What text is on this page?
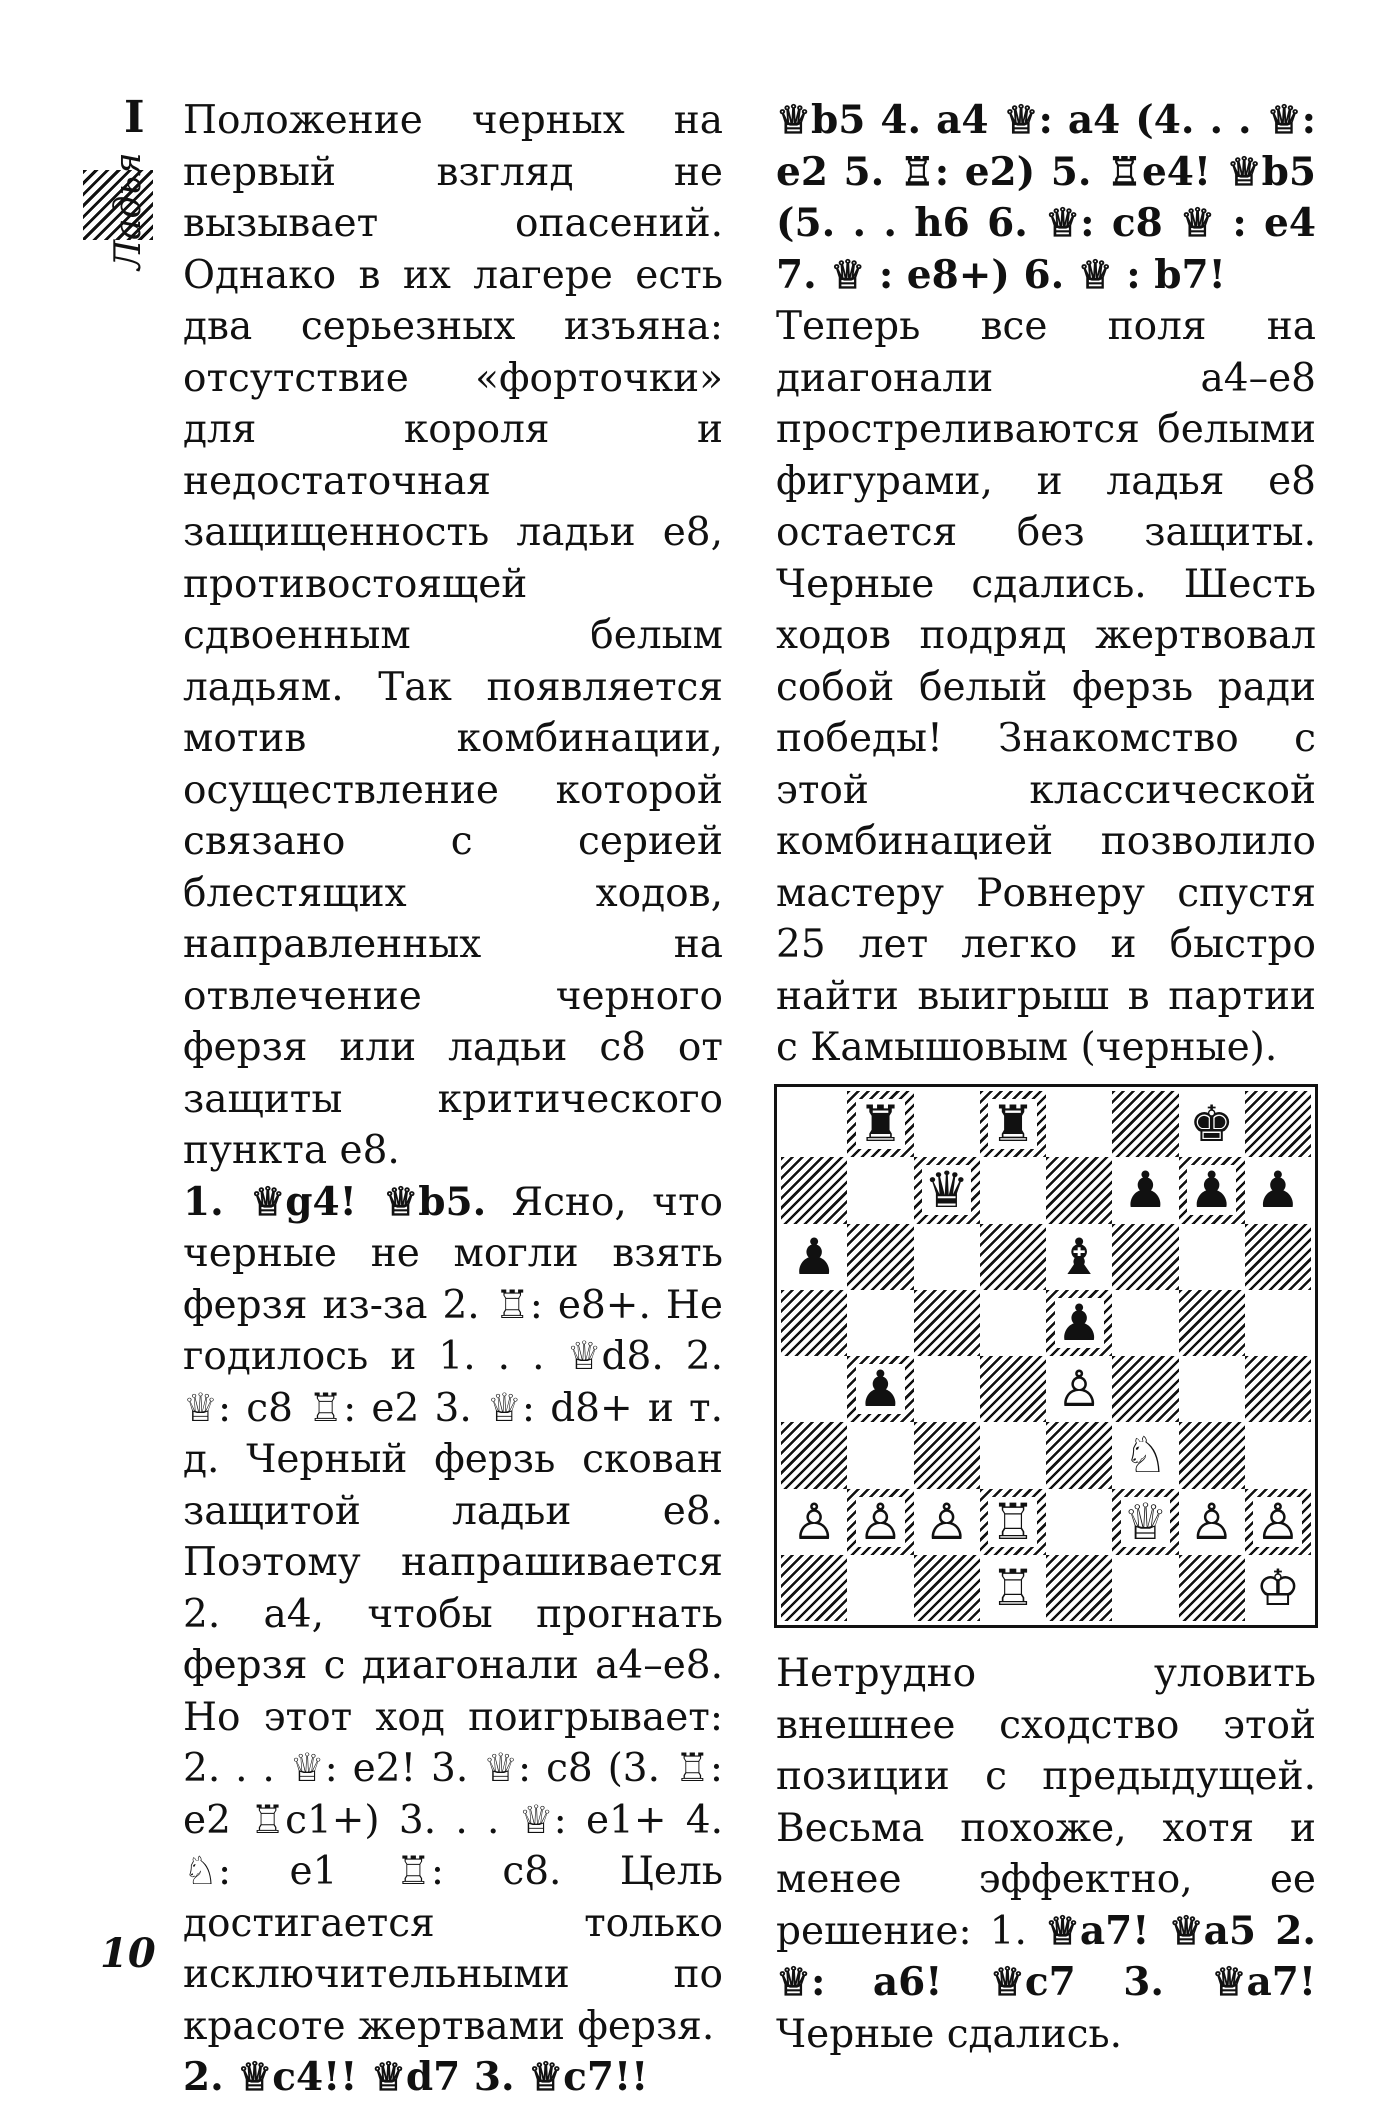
I
Ладья
10

Положение черных на первый взгляд не вызывает опасений. Однако в их лагере есть два серьезных изъяна: отсутствие «форточки» для короля и недостаточная защищенность ладьи е8, противостоящей сдвоенным белым ладьям. Так появляется мотив комбинации, осуществление которой связано с серией блестящих ходов, направленных на отвлечение черного ферзя или ладьи с8 от защиты критического пункта е8.

1. ♕g4! ♕b5. Ясно, что черные не могли взять ферзя из-за 2. ♖: е8+. Не годилось и 1. . . ♕d8. 2. ♕: с8 ♖: е2 3. ♕: d8+ и т. д. Черный ферзь скован защитой ладьи е8. Поэтому напрашивается 2. а4, чтобы прогнать ферзя с диагонали а4–е8. Но этот ход поигрывает: 2. . . ♕: е2! 3. ♕: с8 (3. ♖: е2 ♖с1+) 3. . . ♕: е1+ 4. ♘: е1 ♖: с8. Цель достигается только исключительными по красоте жертвами ферзя.

2. ♕c4!! ♕d7 3. ♕c7!!

♕b5 4. а4 ♕: а4 (4. . . ♕: е2 5. ♖: е2) 5. ♖е4! ♕b5 (5. . . h6 6. ♕: с8 ♕ : е4 7. ♕ : е8+) 6. ♕ : b7!

Теперь все поля на диагонали а4–е8 простреливаются белыми фигурами, и ладья е8 остается без защиты. Черные сдались. Шесть ходов подряд жертвовал собой белый ферзь ради победы! Знакомство с этой классической комбинацией позволило мастеру Ровнеру спустя 25 лет легко и быстро найти выигрыш в партии с Камышовым (черные).

♜ ♜	♚
♛	♟ ♟ ♟
♟	♝
♟
♟	♙
♘
♙ ♙ ♙ ♖ ♕ ♙ ♙
♖	♔

Нетрудно уловить внешнее сходство этой позиции с предыдущей. Весьма похоже, хотя и менее эффектно, ее решение: 1. ♕a7! ♕a5 2. ♕: а6! ♕c7 3. ♕a7! Черные сдались.
